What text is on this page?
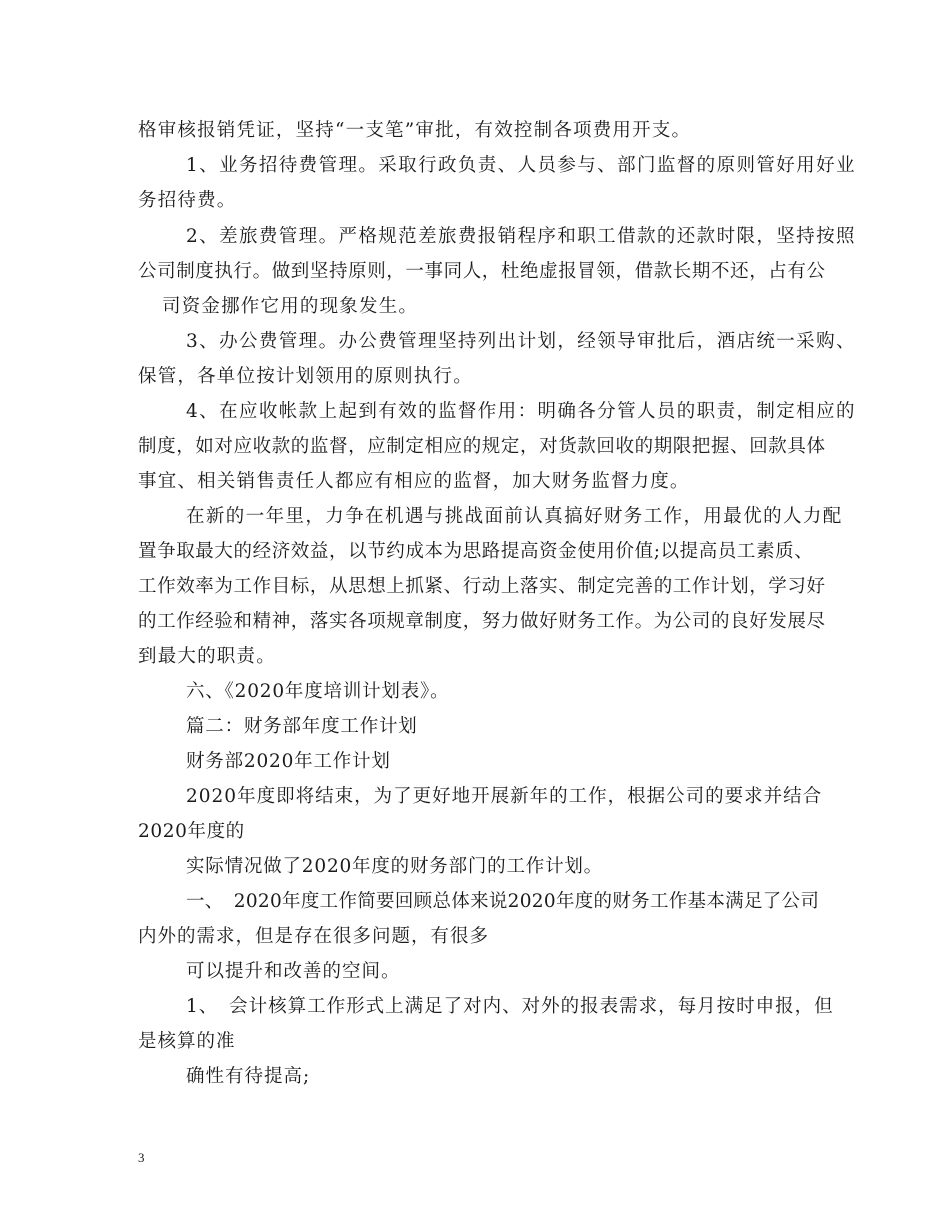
格审核报销凭证，坚持“一支笔”审批，有效控制各项费用开支。
1、业务招待费管理。采取行政负责、人员参与、部门监督的原则管好用好业
务招待费。
2、差旅费管理。严格规范差旅费报销程序和职工借款的还款时限，坚持按照
公司制度执行。做到坚持原则，一事同人，杜绝虚报冒领，借款长期不还，占有公
司资金挪作它用的现象发生。
3、办公费管理。办公费管理坚持列出计划，经领导审批后，酒店统一采购、
保管，各单位按计划领用的原则执行。
4、在应收帐款上起到有效的监督作用：明确各分管人员的职责，制定相应的
制度，如对应收款的监督，应制定相应的规定，对货款回收的期限把握、回款具体
事宜、相关销售责任人都应有相应的监督，加大财务监督力度。
在新的一年里，力争在机遇与挑战面前认真搞好财务工作，用最优的人力配
置争取最大的经济效益，以节约成本为思路提高资金使用价值;以提高员工素质、
工作效率为工作目标，从思想上抓紧、行动上落实、制定完善的工作计划，学习好
的工作经验和精神，落实各项规章制度，努力做好财务工作。为公司的良好发展尽
到最大的职责。
六、《2020年度培训计划表》。
篇二：财务部年度工作计划
财务部2020年工作计划
2020年度即将结束，为了更好地开展新年的工作，根据公司的要求并结合
2020年度的
实际情况做了2020年度的财务部门的工作计划。
一、 2020年度工作简要回顾总体来说2020年度的财务工作基本满足了公司
内外的需求，但是存在很多问题，有很多
可以提升和改善的空间。
1、 会计核算工作形式上满足了对内、对外的报表需求，每月按时申报，但
是核算的准
确性有待提高;
3
